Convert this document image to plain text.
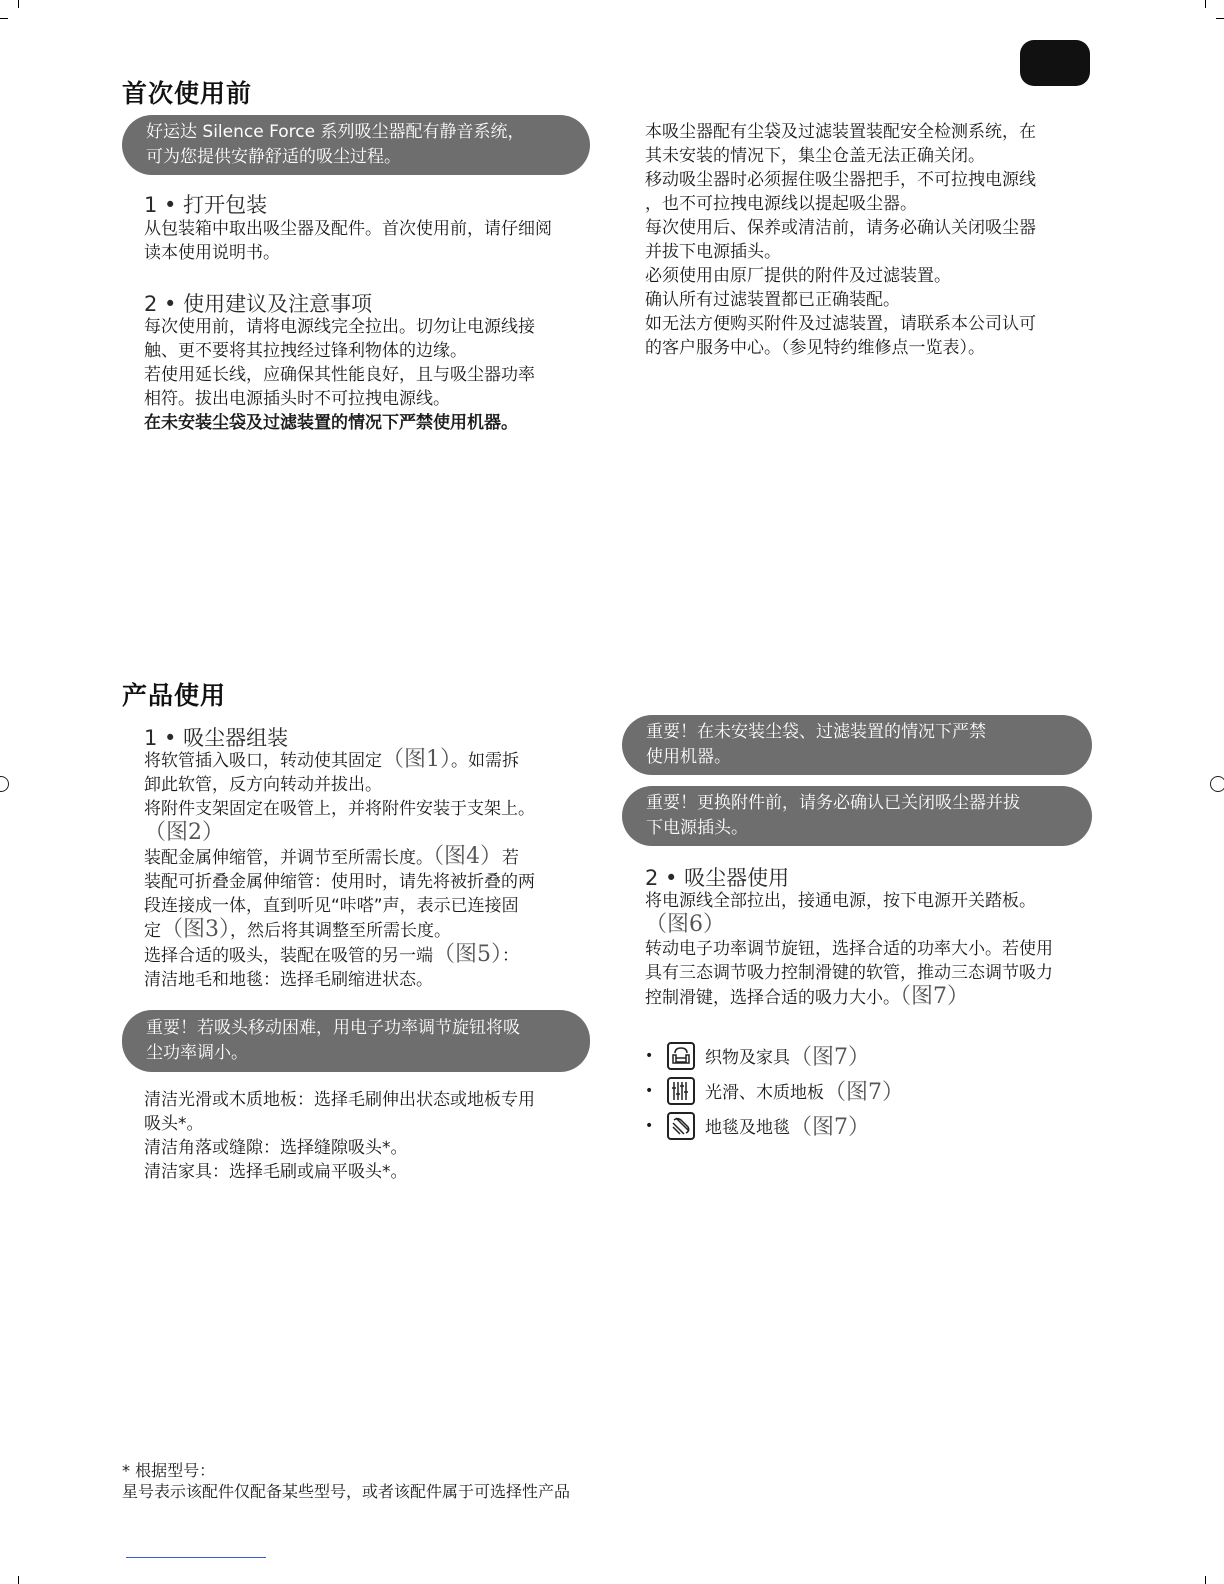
首次使用前
好运达 Silence Force 系列吸尘器配有静音系统，
可为您提供安静舒适的吸尘过程。
1 • 打开包装
从包装箱中取出吸尘器及配件。首次使用前，请仔细阅
读本使用说明书。
2 • 使用建议及注意事项
每次使用前，请将电源线完全拉出。切勿让电源线接
触、更不要将其拉拽经过锋利物体的边缘。
若使用延长线，应确保其性能良好，且与吸尘器功率
相符。拔出电源插头时不可拉拽电源线。
在未安装尘袋及过滤装置的情况下严禁使用机器。
本吸尘器配有尘袋及过滤装置装配安全检测系统，在
其未安装的情况下，集尘仓盖无法正确关闭。
移动吸尘器时必须握住吸尘器把手，不可拉拽电源线
，也不可拉拽电源线以提起吸尘器。
每次使用后、保养或清洁前，请务必确认关闭吸尘器
并拔下电源插头。
必须使用由原厂提供的附件及过滤装置。
确认所有过滤装置都已正确装配。
如无法方便购买附件及过滤装置，请联系本公司认可
的客户服务中心。（参见特约维修点一览表）。
产品使用
1 • 吸尘器组装
将软管插入吸口，转动使其固定（图1）。如需拆
卸此软管，反方向转动并拔出。
将附件支架固定在吸管上，并将附件安装于支架上。
（图2）
装配金属伸缩管，并调节至所需长度。（图4）若
装配可折叠金属伸缩管：使用时，请先将被折叠的两
段连接成一体，直到听见“咔嗒”声，表示已连接固
定（图3），然后将其调整至所需长度。
选择合适的吸头，装配在吸管的另一端（图5）：
清洁地毛和地毯：选择毛刷缩进状态。
重要！若吸头移动困难，用电子功率调节旋钮将吸
尘功率调小。
清洁光滑或木质地板：选择毛刷伸出状态或地板专用
吸头*。
清洁角落或缝隙：选择缝隙吸头*。
清洁家具：选择毛刷或扁平吸头*。
重要！在未安装尘袋、过滤装置的情况下严禁
使用机器。
重要！更换附件前，请务必确认已关闭吸尘器并拔
下电源插头。
2 • 吸尘器使用
将电源线全部拉出，接通电源，按下电源开关踏板。
（图6）
转动电子功率调节旋钮，选择合适的功率大小。若使用
具有三态调节吸力控制滑键的软管，推动三态调节吸力
控制滑键，选择合适的吸力大小。（图7）
•	织物及家具 （图7）
•	光滑、木质地板 （图7）
•	地毯及地毯 （图7）
* 根据型号：
星号表示该配件仅配备某些型号，或者该配件属于可选择性产品
